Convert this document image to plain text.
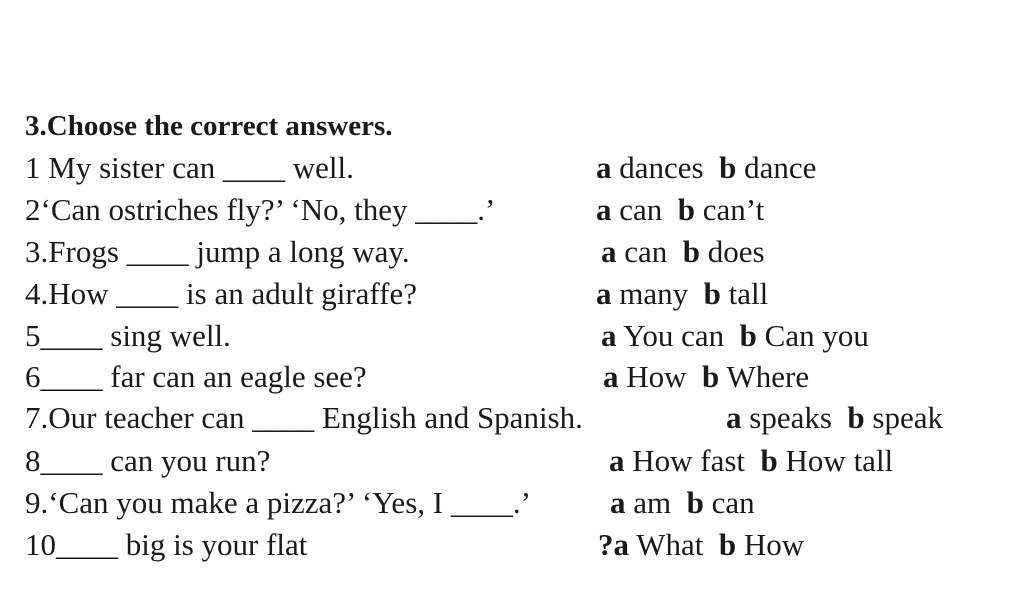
3.Choose the correct answers.
1 My sister can ____ well.	a dances b dance
2‘Can ostriches fly?’ ‘No, they ____.’	a can b can’t
3.Frogs ____ jump a long way.	a can b does
4.How ____ is an adult giraffe?	a many b tall
5____ sing well.	a You can b Can you
6____ far can an eagle see?	a How b Where
7.Our teacher can ____ English and Spanish.	a speaks b speak
8____ can you run?	a How fast b How tall
9.‘Can you make a pizza?’ ‘Yes, I ____.’	a am b can
10____ big is your flat	?a What b How
